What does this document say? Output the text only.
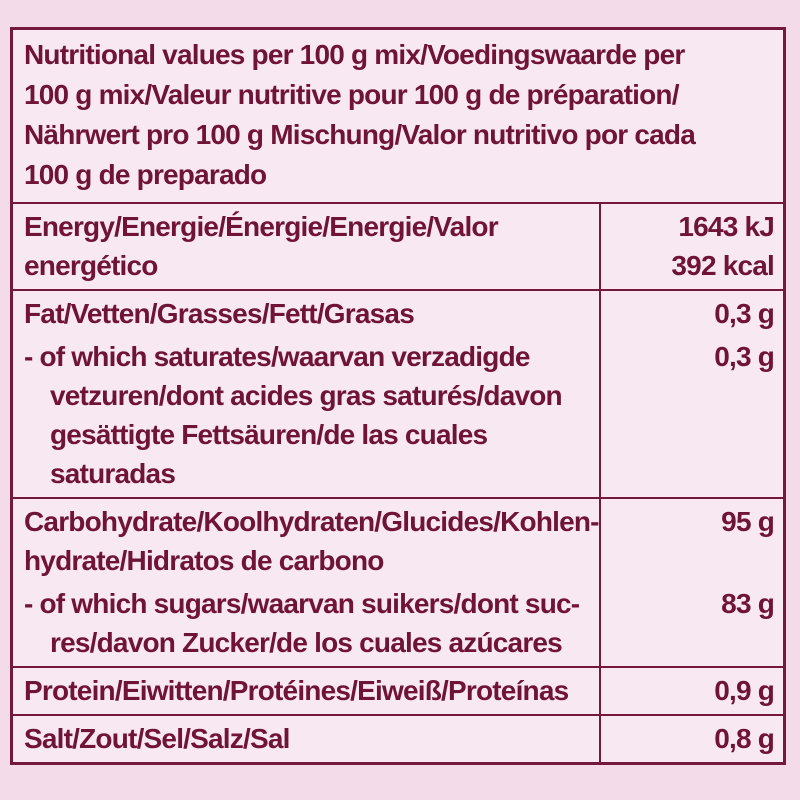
Nutritional values per 100 g mix/Voedingswaarde per
100 g mix/Valeur nutritive pour 100 g de préparation/
Nährwert pro 100 g Mischung/Valor nutritivo por cada
100 g de preparado
Energy/Energie/Énergie/Energie/Valor
energético
1643 kJ
392 kcal
Fat/Vetten/Grasses/Fett/Grasas
- of which saturates/waarvan verzadigde
vetzuren/dont acides gras saturés/davon
gesättigte Fettsäuren/de las cuales
saturadas
0,3 g
0,3 g
Carbohydrate/Koolhydraten/Glucides/Kohlen-
hydrate/Hidratos de carbono
- of which sugars/waarvan suikers/dont suc-
res/davon Zucker/de los cuales azúcares
95 g
83 g
Protein/Eiwitten/Protéines/Eiweiß/Proteínas	0,9 g
Salt/Zout/Sel/Salz/Sal	0,8 g
